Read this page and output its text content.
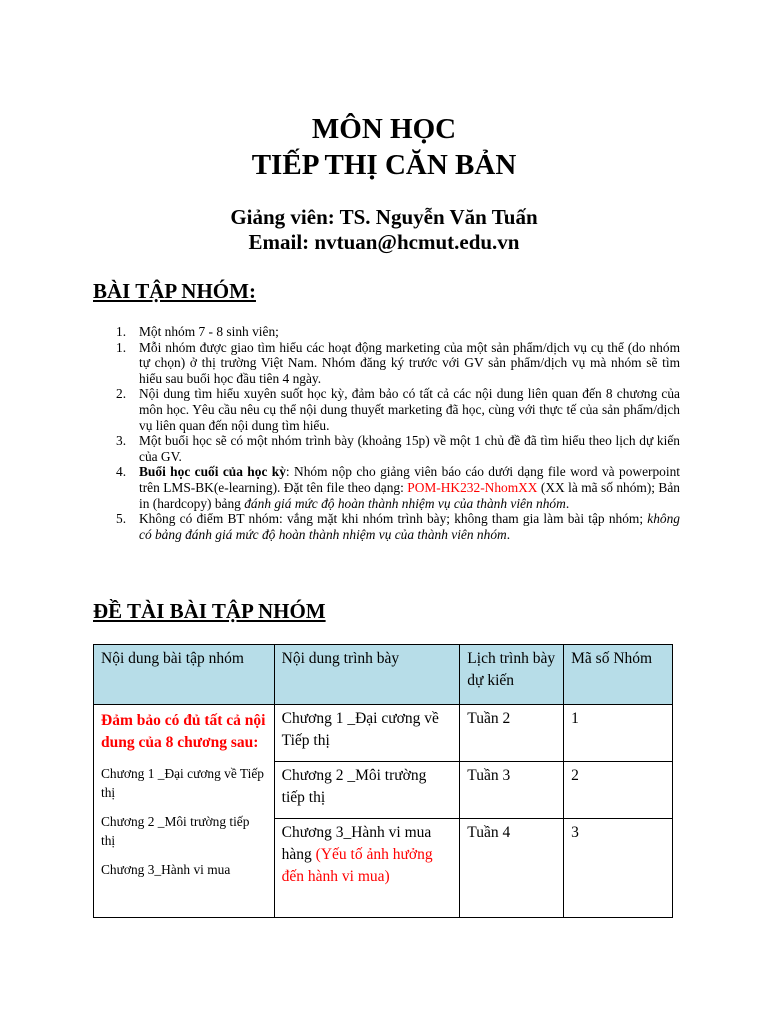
MÔN HỌC
TIẾP THỊ CĂN BẢN
Giảng viên: TS. Nguyễn Văn Tuấn
Email: nvtuan@hcmut.edu.vn
BÀI TẬP NHÓM:
1. Một nhóm 7 - 8 sinh viên;
1. Mỗi nhóm được giao tìm hiểu các hoạt động marketing của một sản phẩm/dịch vụ cụ thể (do nhóm tự chọn) ở thị trường Việt Nam. Nhóm đăng ký trước với GV sản phẩm/dịch vụ mà nhóm sẽ tìm hiểu sau buổi học đầu tiên 4 ngày.
2. Nội dung tìm hiểu xuyên suốt học kỳ, đảm bảo có tất cả các nội dung liên quan đến 8 chương của môn học. Yêu cầu nêu cụ thể nội dung thuyết marketing đã học, cùng với thực tế của sản phẩm/dịch vụ liên quan đến nội dung tìm hiểu.
3. Một buổi học sẽ có một nhóm trình bày (khoảng 15p) về một 1 chủ đề đã tìm hiểu theo lịch dự kiến của GV.
4. Buổi học cuối của học kỳ: Nhóm nộp cho giảng viên báo cáo dưới dạng file word và powerpoint trên LMS-BK(e-learning). Đặt tên file theo dạng: POM-HK232-NhomXX (XX là mã số nhóm); Bản in (hardcopy) bảng đánh giá mức độ hoàn thành nhiệm vụ của thành viên nhóm.
5. Không có điểm BT nhóm: vắng mặt khi nhóm trình bày; không tham gia làm bài tập nhóm; không có bảng đánh giá mức độ hoàn thành nhiệm vụ của thành viên nhóm.
ĐỀ TÀI BÀI TẬP NHÓM
Nội dung bài tập nhóm	Nội dung trình bày	Lịch trình bày dự kiến	Mã số Nhóm

Đảm bảo có đủ tất cả nội dung của 8 chương sau:
Chương 1 _Đại cương về Tiếp thị
Chương 2 _Môi trường tiếp thị
Chương 3_Hành vi mua	Chương 1 _Đại cương về Tiếp thị	Tuần 2	1
	Chương 2 _Môi trường tiếp thị	Tuần 3	2
	Chương 3_Hành vi mua hàng (Yếu tố ảnh hưởng đến hành vi mua)	Tuần 4	3
